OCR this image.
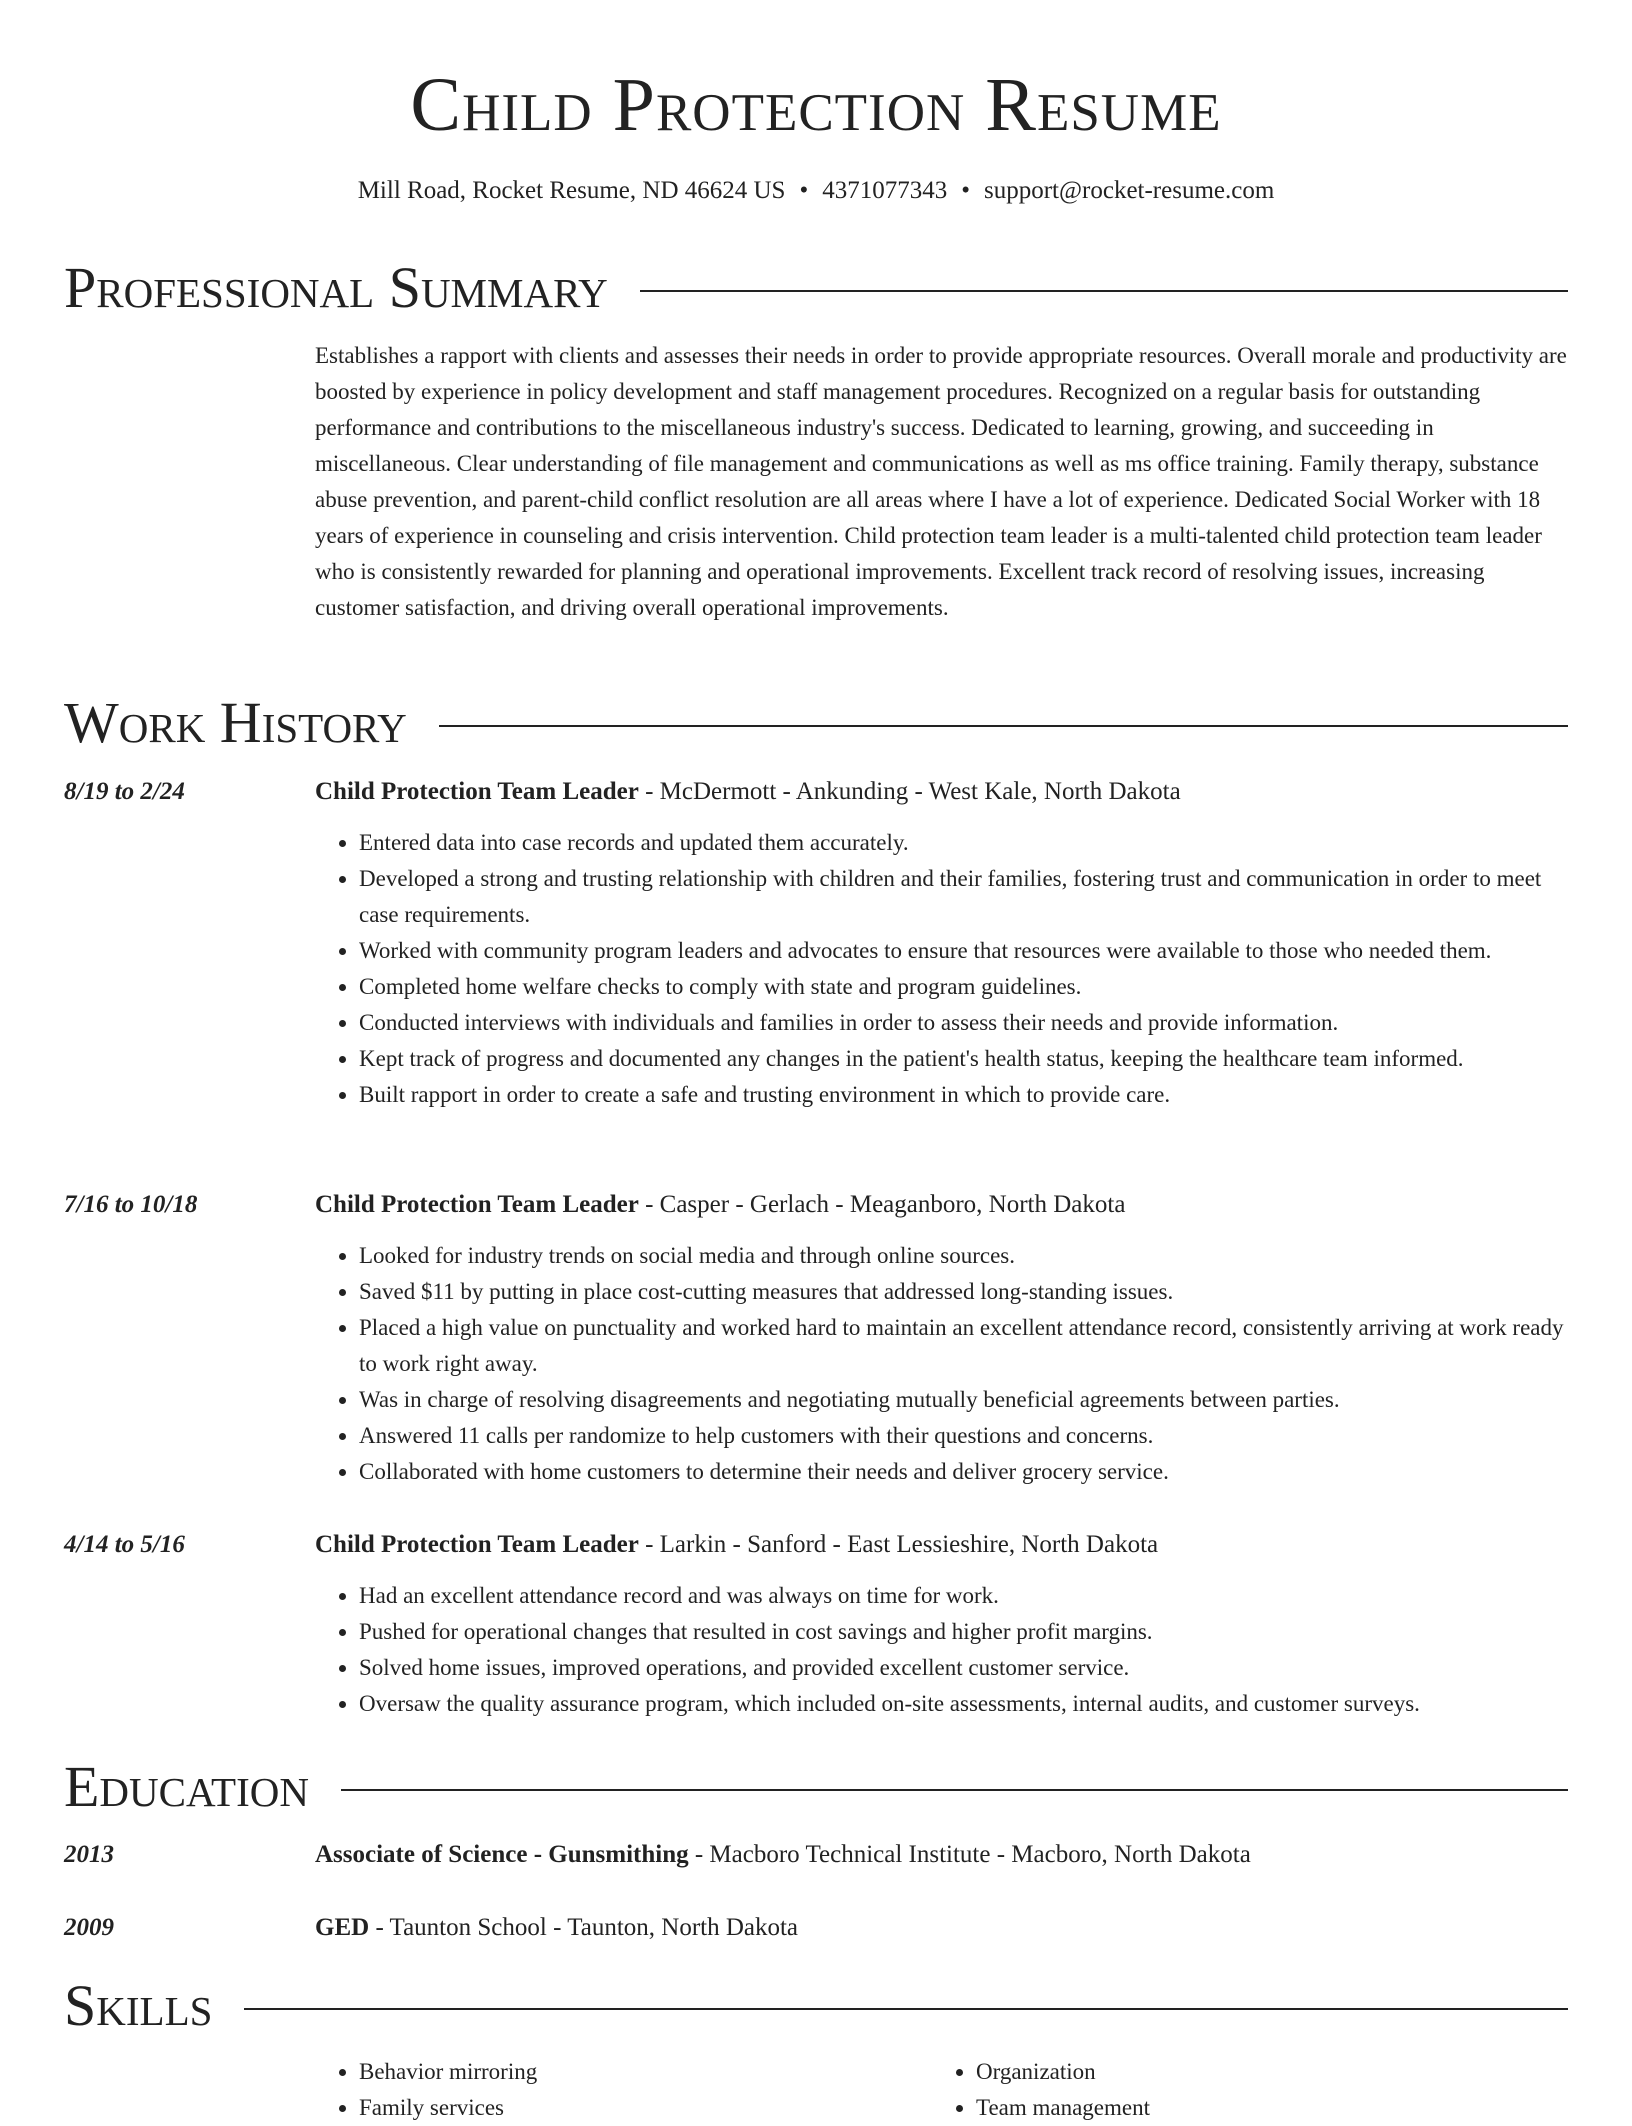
Child Protection Resume
Mill Road, Rocket Resume, ND 46624 US • 4371077343 • support@rocket-resume.com
Professional Summary

Establishes a rapport with clients and assesses their needs in order to provide appropriate resources. Overall morale and productivity are boosted by experience in policy development and staff management procedures. Recognized on a regular basis for outstanding performance and contributions to the miscellaneous industry's success. Dedicated to learning, growing, and succeeding in miscellaneous. Clear understanding of file management and communications as well as ms office training. Family therapy, substance abuse prevention, and parent-child conflict resolution are all areas where I have a lot of experience. Dedicated Social Worker with 18 years of experience in counseling and crisis intervention. Child protection team leader is a multi-talented child protection team leader who is consistently rewarded for planning and operational improvements. Excellent track record of resolving issues, increasing customer satisfaction, and driving overall operational improvements.

Work History
8/19 to 2/24	Child Protection Team Leader - McDermott - Ankunding - West Kale, North Dakota
• Entered data into case records and updated them accurately.
• Developed a strong and trusting relationship with children and their families, fostering trust and communication in order to meet case requirements.
• Worked with community program leaders and advocates to ensure that resources were available to those who needed them.
• Completed home welfare checks to comply with state and program guidelines.
• Conducted interviews with individuals and families in order to assess their needs and provide information.
• Kept track of progress and documented any changes in the patient's health status, keeping the healthcare team informed.
• Built rapport in order to create a safe and trusting environment in which to provide care.
7/16 to 10/18	Child Protection Team Leader - Casper - Gerlach - Meaganboro, North Dakota
• Looked for industry trends on social media and through online sources.
• Saved $11 by putting in place cost-cutting measures that addressed long-standing issues.
• Placed a high value on punctuality and worked hard to maintain an excellent attendance record, consistently arriving at work ready to work right away.
• Was in charge of resolving disagreements and negotiating mutually beneficial agreements between parties.
• Answered 11 calls per randomize to help customers with their questions and concerns.
• Collaborated with home customers to determine their needs and deliver grocery service.
4/14 to 5/16	Child Protection Team Leader - Larkin - Sanford - East Lessieshire, North Dakota
• Had an excellent attendance record and was always on time for work.
• Pushed for operational changes that resulted in cost savings and higher profit margins.
• Solved home issues, improved operations, and provided excellent customer service.
• Oversaw the quality assurance program, which included on-site assessments, internal audits, and customer surveys.
Education
2013	Associate of Science - Gunsmithing - Macboro Technical Institute - Macboro, North Dakota
2009	GED - Taunton School - Taunton, North Dakota
Skills
• Behavior mirroring
• Family services
• Organization
• Team management
